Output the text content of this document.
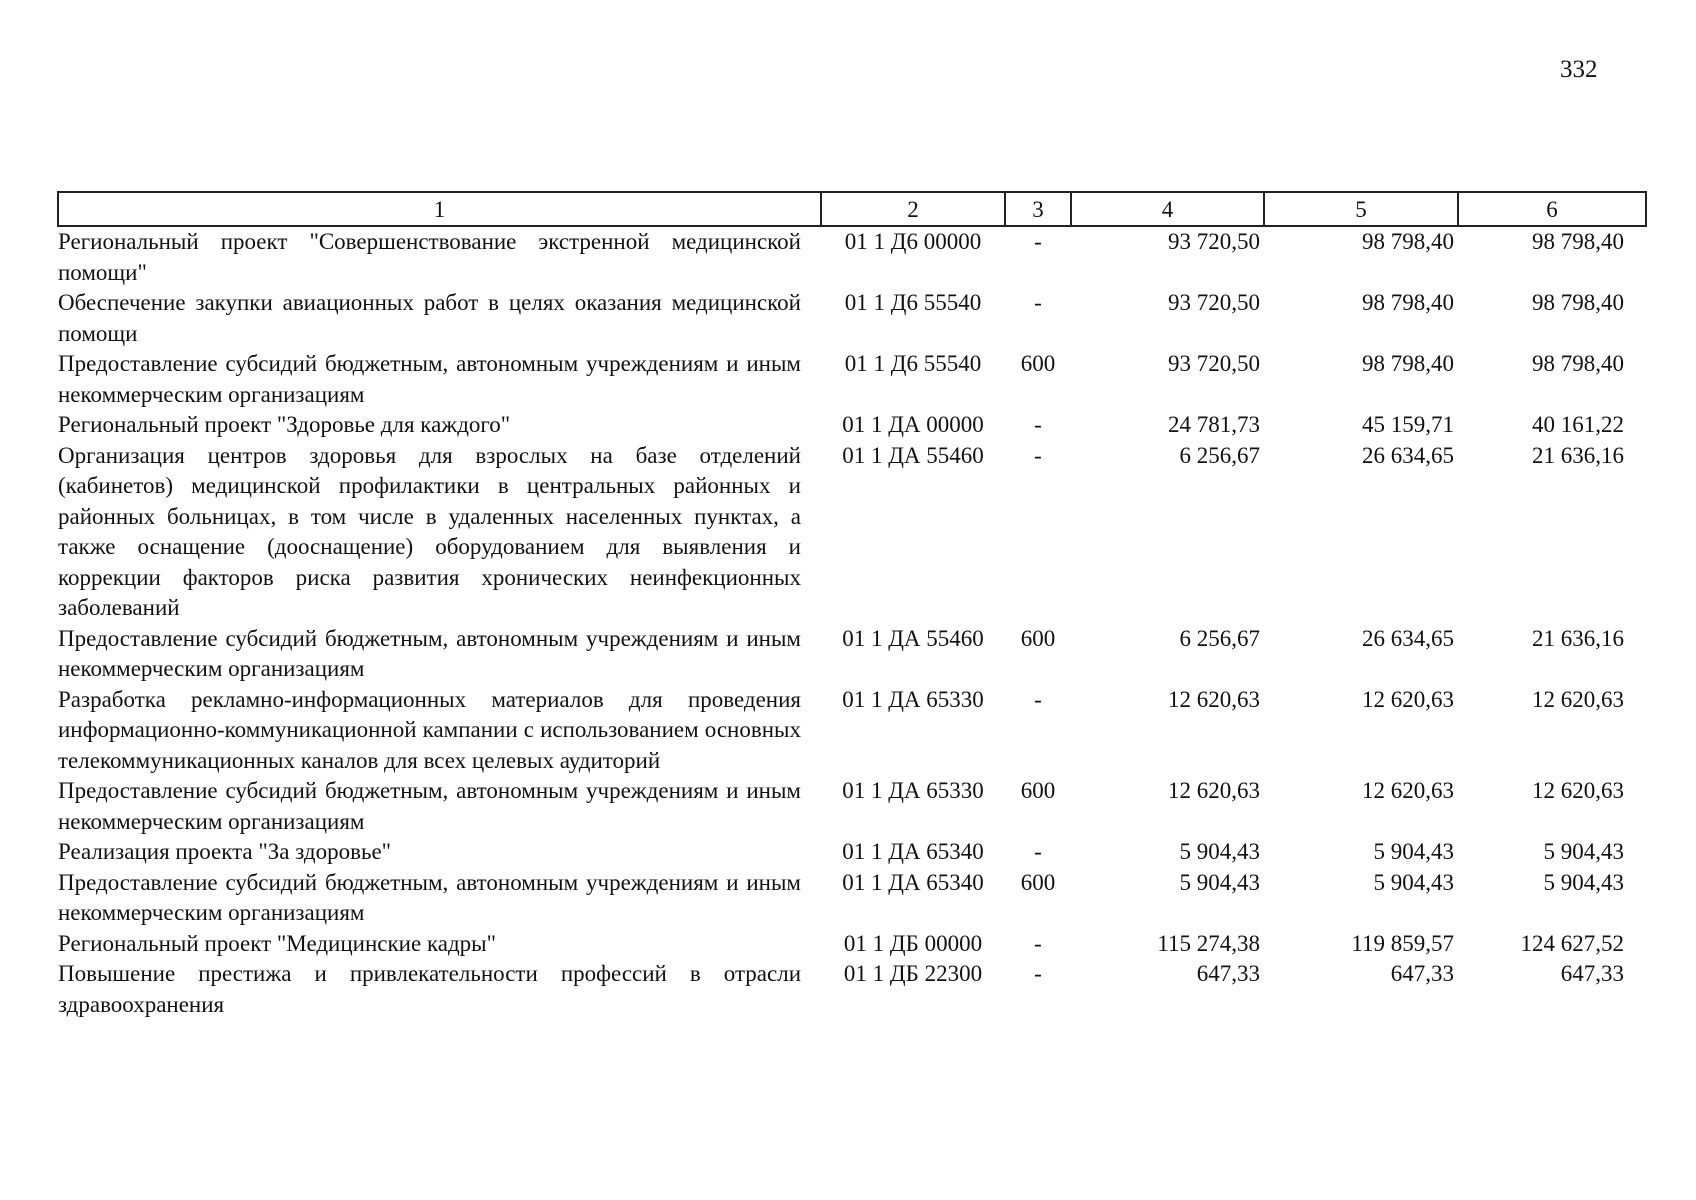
332
1	2	3	4	5	6
Региональный проект "Совершенствование экстренной медицинской помощи"	01 1 Д6 00000	-	93 720,50	98 798,40	98 798,40
Обеспечение закупки авиационных работ в целях оказания медицинской помощи	01 1 Д6 55540	-	93 720,50	98 798,40	98 798,40
Предоставление субсидий бюджетным, автономным учреждениям и иным некоммерческим организациям	01 1 Д6 55540	600	93 720,50	98 798,40	98 798,40
Региональный проект "Здоровье для каждого"	01 1 ДА 00000	-	24 781,73	45 159,71	40 161,22
Организация центров здоровья для взрослых на базе отделений (кабинетов) медицинской профилактики в центральных районных и районных больницах, в том числе в удаленных населенных пунктах, а также оснащение (дооснащение) оборудованием для выявления и коррекции факторов риска развития хронических неинфекционных заболеваний	01 1 ДА 55460	-	6 256,67	26 634,65	21 636,16
Предоставление субсидий бюджетным, автономным учреждениям и иным некоммерческим организациям	01 1 ДА 55460	600	6 256,67	26 634,65	21 636,16
Разработка рекламно-информационных материалов для проведения информационно-коммуникационной кампании с использованием основных телекоммуникационных каналов для всех целевых аудиторий	01 1 ДА 65330	-	12 620,63	12 620,63	12 620,63
Предоставление субсидий бюджетным, автономным учреждениям и иным некоммерческим организациям	01 1 ДА 65330	600	12 620,63	12 620,63	12 620,63
Реализация проекта "За здоровье"	01 1 ДА 65340	-	5 904,43	5 904,43	5 904,43
Предоставление субсидий бюджетным, автономным учреждениям и иным некоммерческим организациям	01 1 ДА 65340	600	5 904,43	5 904,43	5 904,43
Региональный проект "Медицинские кадры"	01 1 ДБ 00000	-	115 274,38	119 859,57	124 627,52
Повышение престижа и привлекательности профессий в отрасли здравоохранения	01 1 ДБ 22300	-	647,33	647,33	647,33
